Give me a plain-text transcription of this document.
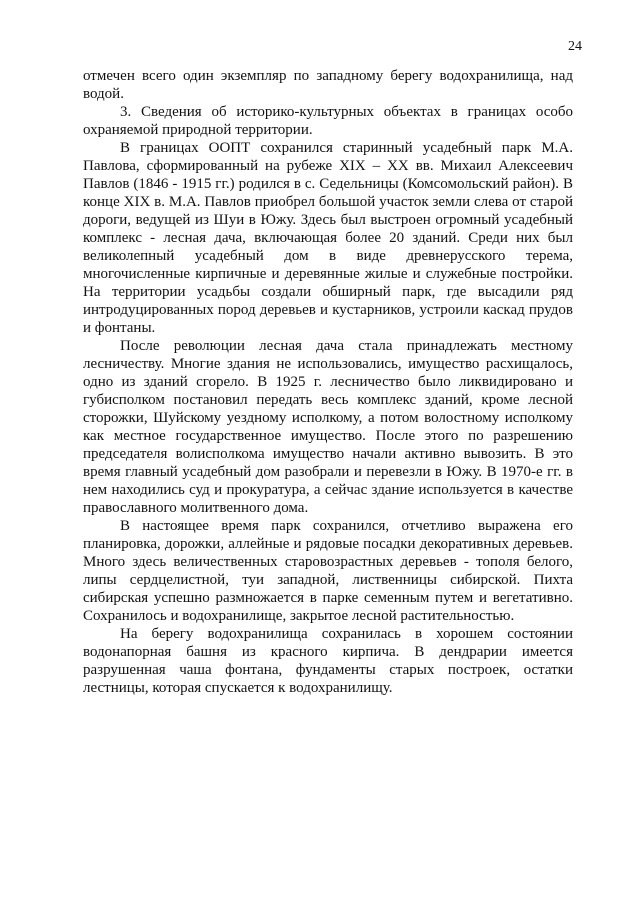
24

отмечен всего один экземпляр по западному берегу водохранилища, над водой.

3. Сведения об историко-культурных объектах в границах особо охраняемой природной территории.

В границах ООПТ сохранился старинный усадебный парк М.А. Павлова, сформированный на рубеже XIX – XX вв. Михаил Алексеевич Павлов (1846 - 1915 гг.) родился в с. Седельницы (Комсомольский район). В конце XIX в. М.А. Павлов приобрел большой участок земли слева от старой дороги, ведущей из Шуи в Южу. Здесь был выстроен огромный усадебный комплекс - лесная дача, включающая более 20 зданий. Среди них был великолепный усадебный дом в виде древнерусского терема, многочисленные кирпичные и деревянные жилые и служебные постройки. На территории усадьбы создали обширный парк, где высадили ряд интродуцированных пород деревьев и кустарников, устроили каскад прудов и фонтаны.

После революции лесная дача стала принадлежать местному лесничеству. Многие здания не использовались, имущество расхищалось, одно из зданий сгорело. В 1925 г. лесничество было ликвидировано и губисполком постановил передать весь комплекс зданий, кроме лесной сторожки, Шуйскому уездному исполкому, а потом волостному исполкому как местное государственное имущество. После этого по разрешению председателя волисполкома имущество начали активно вывозить. В это время главный усадебный дом разобрали и перевезли в Южу. В 1970-е гг. в нем находились суд и прокуратура, а сейчас здание используется в качестве православного молитвенного дома.

В настоящее время парк сохранился, отчетливо выражена его планировка, дорожки, аллейные и рядовые посадки декоративных деревьев. Много здесь величественных старовозрастных деревьев - тополя белого, липы сердцелистной, туи западной, лиственницы сибирской. Пихта сибирская успешно размножается в парке семенным путем и вегетативно. Сохранилось и водохранилище, закрытое лесной растительностью.

На берегу водохранилища сохранилась в хорошем состоянии водонапорная башня из красного кирпича. В дендрарии имеется разрушенная чаша фонтана, фундаменты старых построек, остатки лестницы, которая спускается к водохранилищу.
